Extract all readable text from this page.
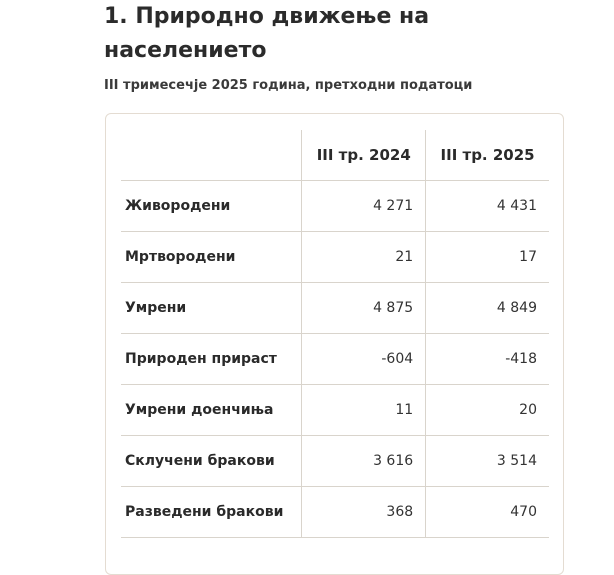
1. Природно движење на населението

III тримесечје 2025 година, претходни податоци

	III тр. 2024	III тр. 2025
Живородени	4 271	4 431
Мртвородени	21	17
Умрени	4 875	4 849
Природен прираст	-604	-418
Умрени доенчиња	11	20
Склучени бракови	3 616	3 514
Разведени бракови	368	470
